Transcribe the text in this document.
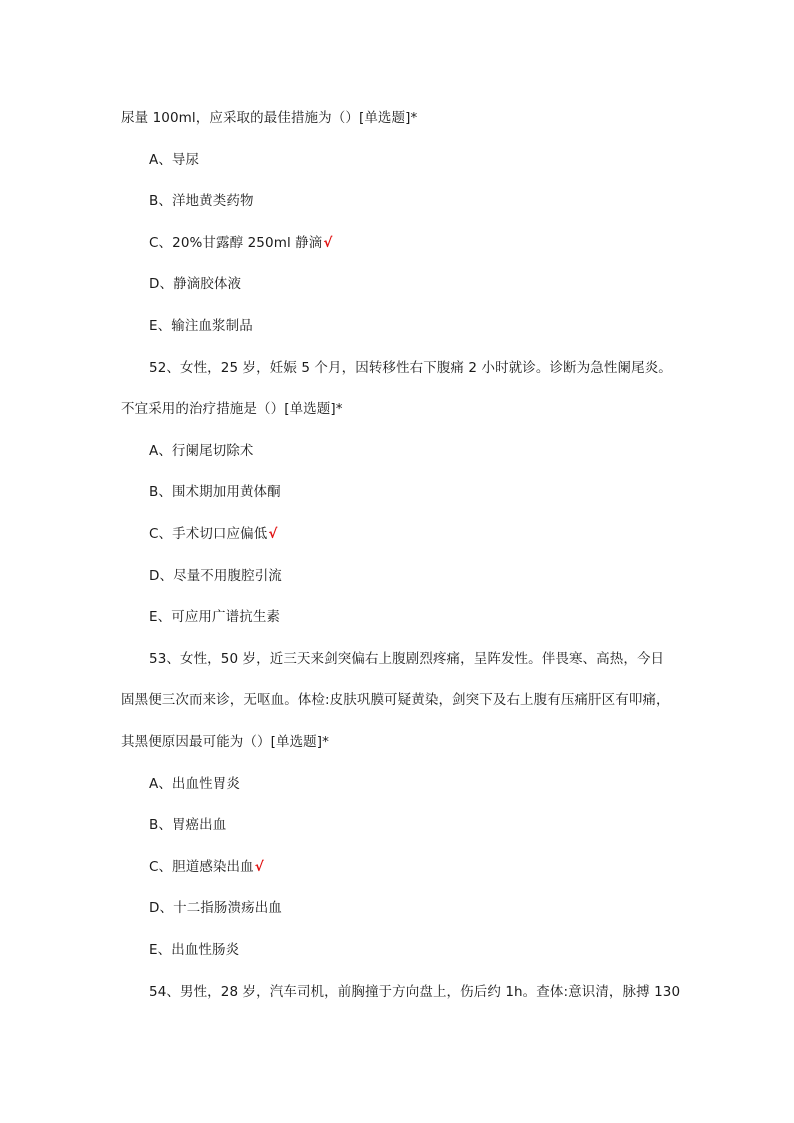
尿量 100ml，应采取的最佳措施为（）[单选题]*
A、导尿
B、洋地黄类药物
C、20%甘露醇 250ml 静滴√
D、静滴胶体液
E、输注血浆制品
52、女性，25 岁，妊娠 5 个月，因转移性右下腹痛 2 小时就诊。诊断为急性阑尾炎。
不宜采用的治疗措施是（）[单选题]*
A、行阑尾切除术
B、围术期加用黄体酮
C、手术切口应偏低√
D、尽量不用腹腔引流
E、可应用广谱抗生素
53、女性，50 岁，近三天来剑突偏右上腹剧烈疼痛，呈阵发性。伴畏寒、高热，今日
固黑便三次而来诊，无呕血。体检:皮肤巩膜可疑黄染，剑突下及右上腹有压痛肝区有叩痛，
其黑便原因最可能为（）[单选题]*
A、出血性胃炎
B、胃癌出血
C、胆道感染出血√
D、十二指肠溃疡出血
E、出血性肠炎
54、男性，28 岁，汽车司机，前胸撞于方向盘上，伤后约 1h。查体:意识清，脉搏 130
